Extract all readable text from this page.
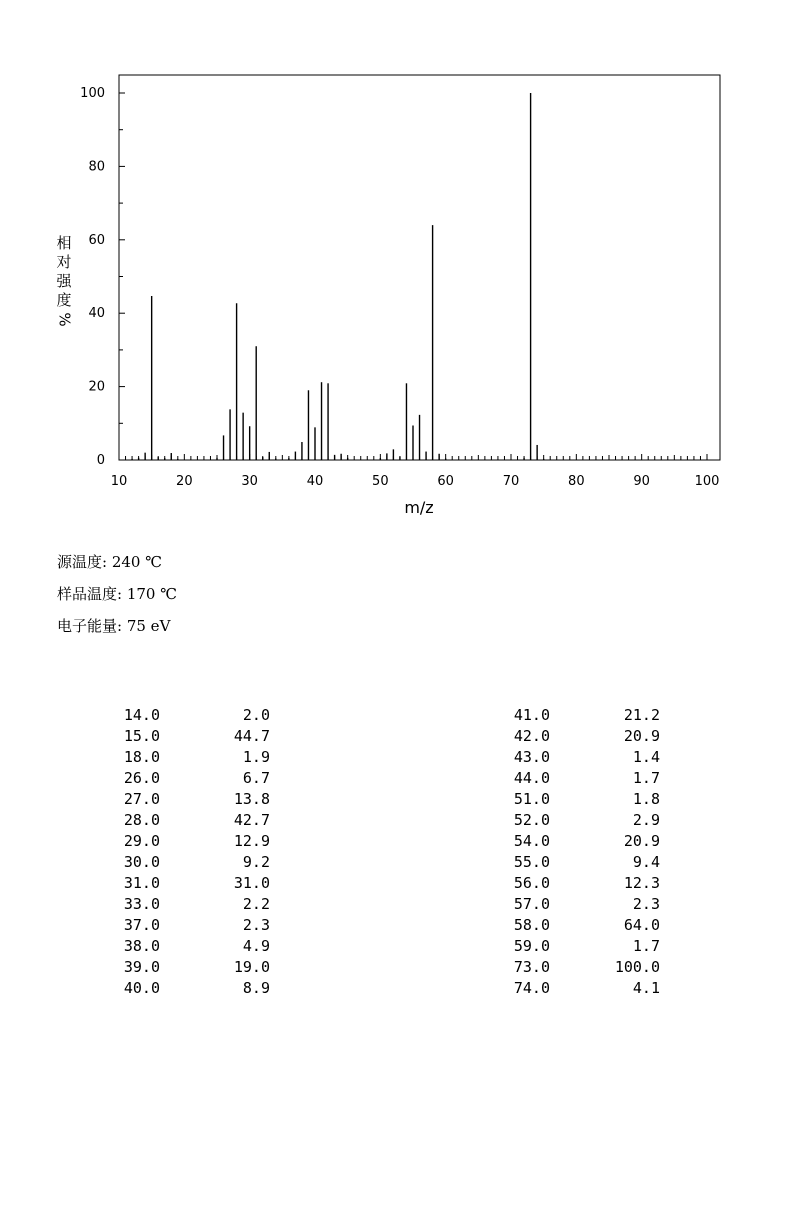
0
20
40
60
80
100
10	20	30	40	50	60	70	80	90	100
m/z
相
对
强
度
%
源温度: 240 ℃
样品温度: 170 ℃
电子能量: 75 eV
14.0	2.0
15.0	44.7
18.0	1.9
26.0	6.7
27.0	13.8
28.0	42.7
29.0	12.9
30.0	9.2
31.0	31.0
33.0	2.2
37.0	2.3
38.0	4.9
39.0	19.0
40.0	8.9
41.0	21.2
42.0	20.9
43.0	1.4
44.0	1.7
51.0	1.8
52.0	2.9
54.0	20.9
55.0	9.4
56.0	12.3
57.0	2.3
58.0	64.0
59.0	1.7
73.0	100.0
74.0	4.1
